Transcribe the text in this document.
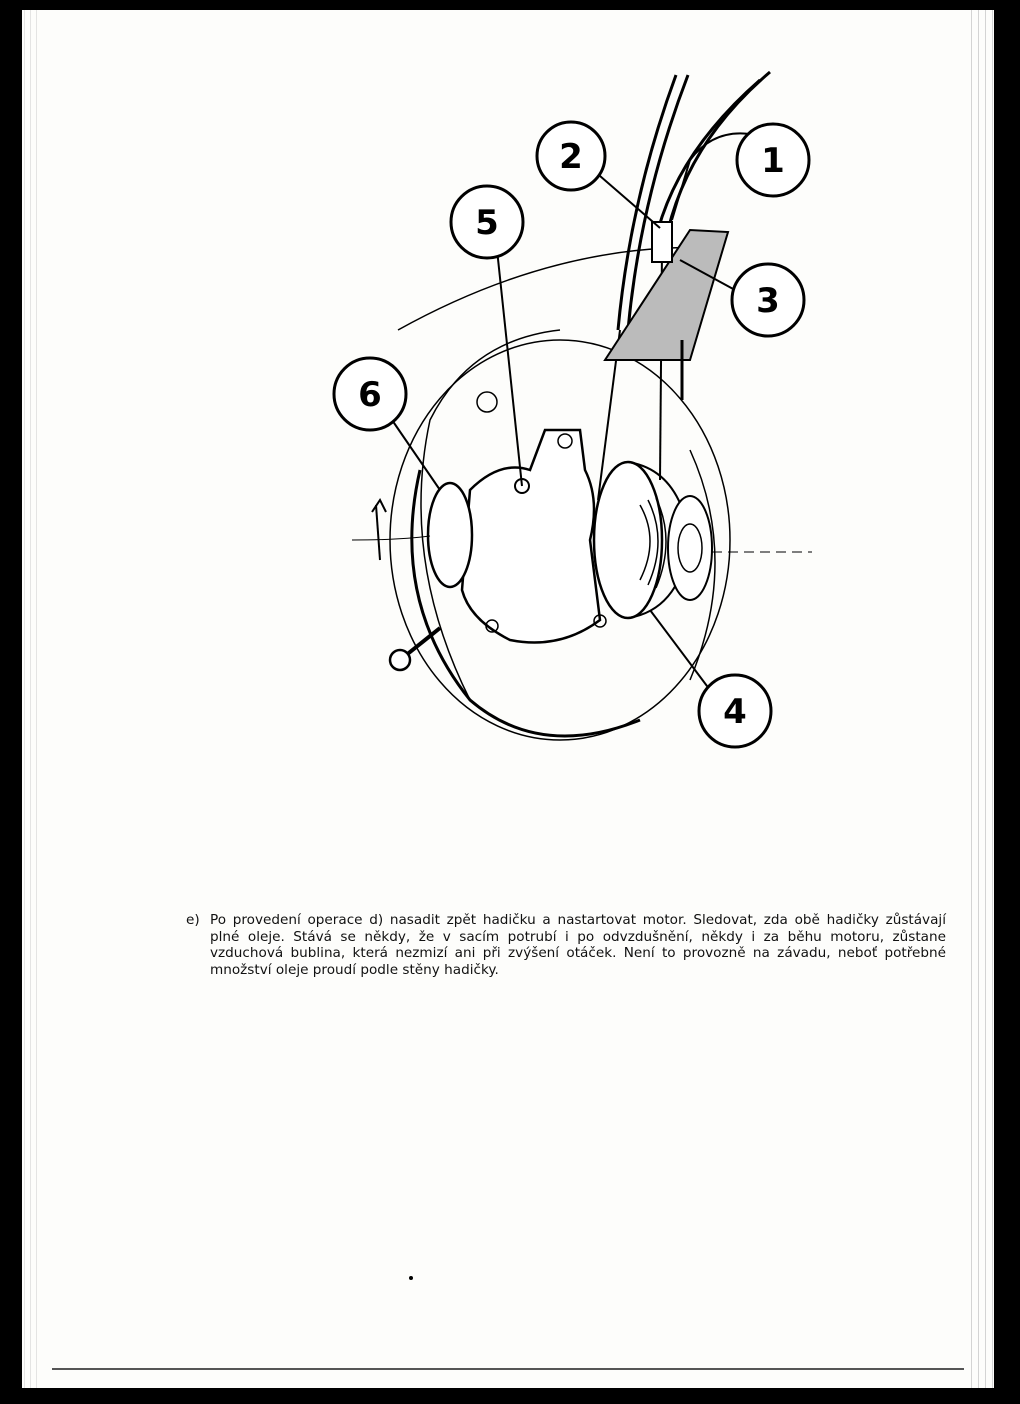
1
2
3
4
5
6
e) Po provedení operace d) nasadit zpět hadičku a nastartovat motor. Sledovat, zda obě hadičky zůstávají plné oleje. Stává se někdy, že v sacím potrubí i po odvzdušnění, někdy i za běhu motoru, zůstane vzduchová bublina, která nezmizí ani při zvýšení otáček. Není to provozně na závadu, neboť potřebné množství oleje proudí podle stěny hadičky.
